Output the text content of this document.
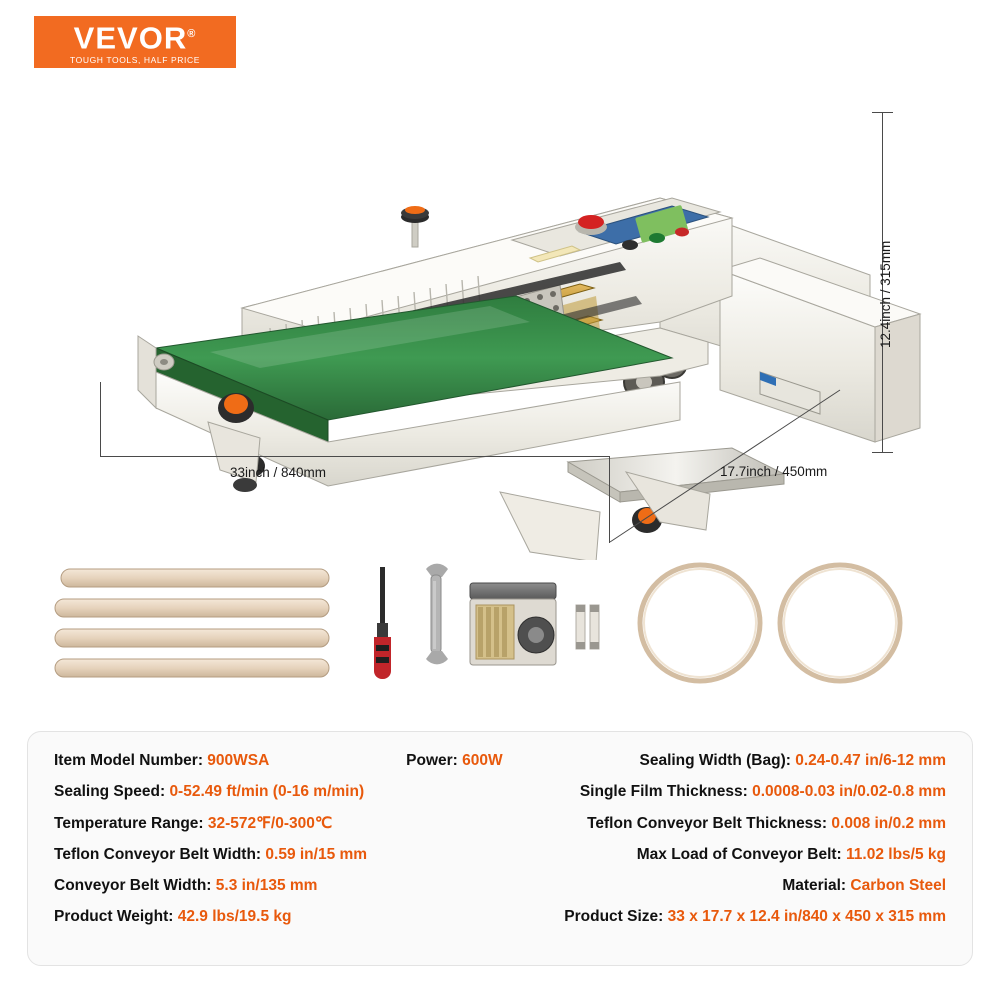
VEVOR®
TOUGH TOOLS, HALF PRICE
12.4inch / 315mm
33inch / 840mm	17.7inch / 450mm
Item Model Number: 900WSA	Power: 600W	Sealing Width (Bag): 0.24-0.47 in/6-12 mm
Sealing Speed: 0-52.49 ft/min (0-16 m/min)	Single Film Thickness: 0.0008-0.03 in/0.02-0.8 mm
Temperature Range: 32-572℉/0-300℃	Teflon Conveyor Belt Thickness: 0.008 in/0.2 mm
Teflon Conveyor Belt Width: 0.59 in/15 mm	Max Load of Conveyor Belt: 11.02 lbs/5 kg
Conveyor Belt Width: 5.3 in/135 mm	Material: Carbon Steel
Product Weight: 42.9 lbs/19.5 kg	Product Size: 33 x 17.7 x 12.4 in/840 x 450 x 315 mm
